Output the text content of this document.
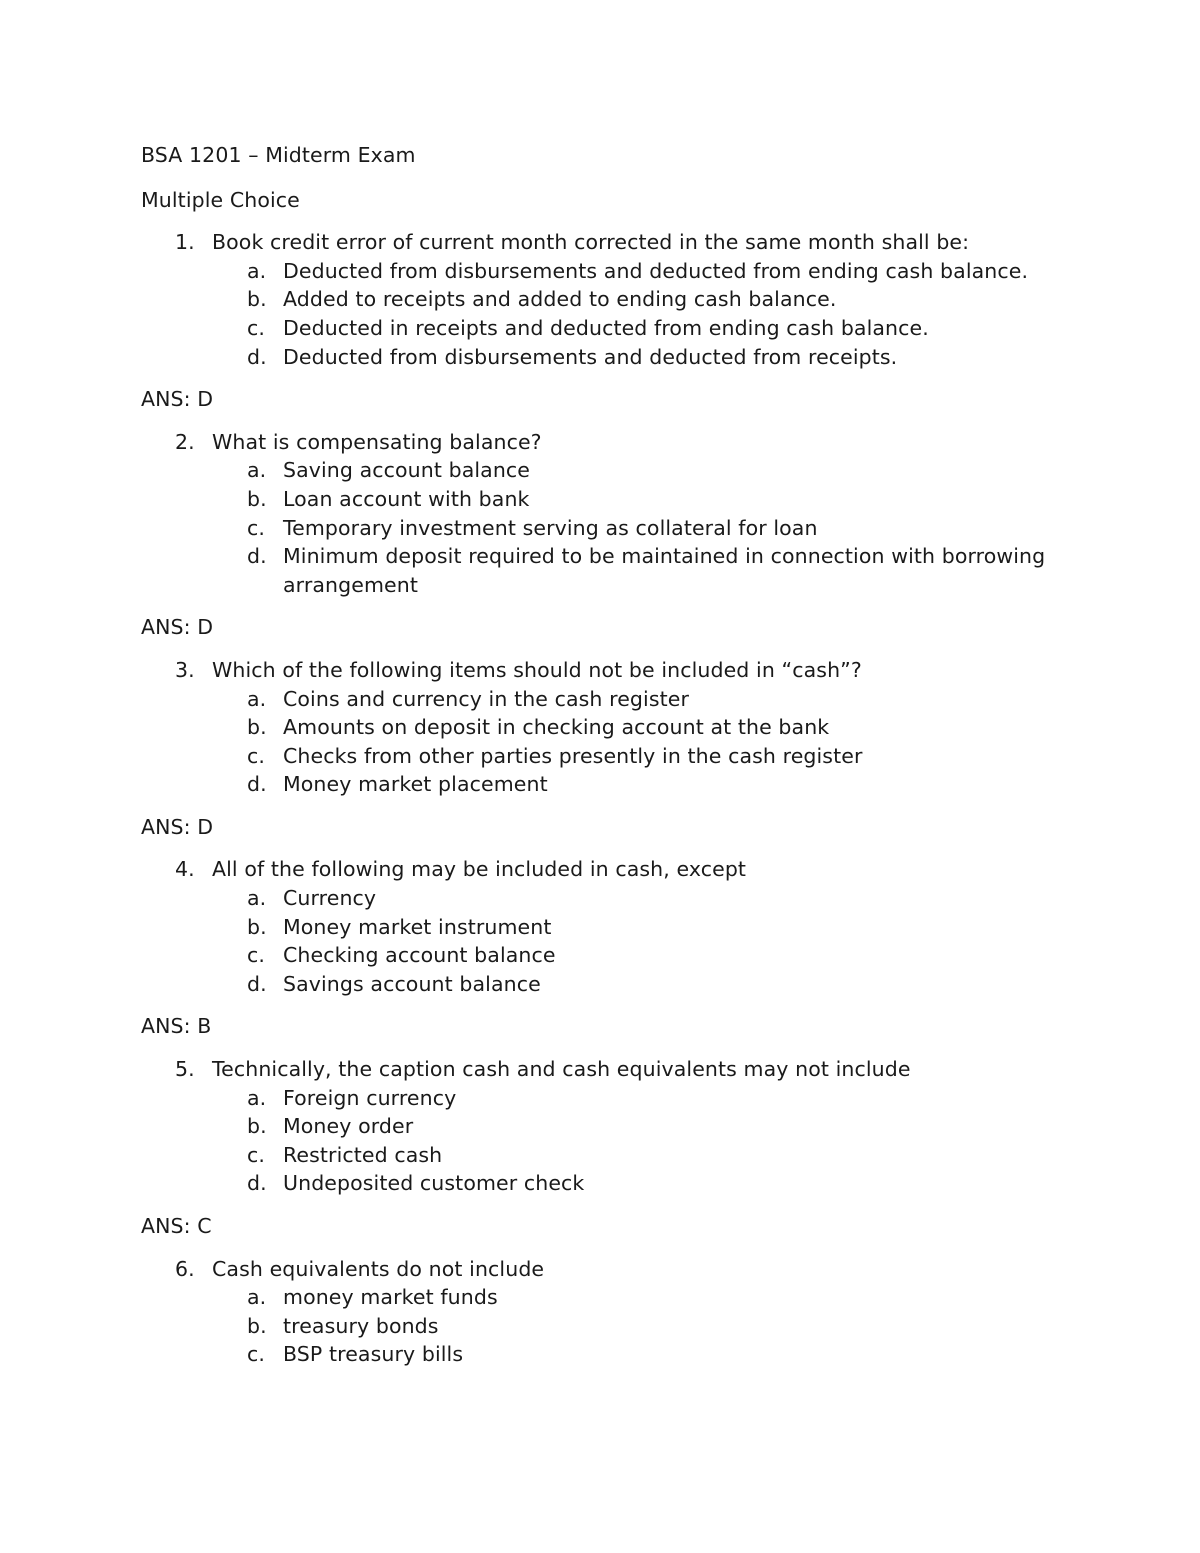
BSA 1201 – Midterm Exam

Multiple Choice

1. Book credit error of current month corrected in the same month shall be:

a. Deducted from disbursements and deducted from ending cash balance.
b. Added to receipts and added to ending cash balance.
c. Deducted in receipts and deducted from ending cash balance.
d. Deducted from disbursements and deducted from receipts.

ANS: D

2. What is compensating balance?

a. Saving account balance
b. Loan account with bank
c. Temporary investment serving as collateral for loan
d. Minimum deposit required to be maintained in connection with borrowing arrangement

ANS: D

3. Which of the following items should not be included in “cash”?

a. Coins and currency in the cash register
b. Amounts on deposit in checking account at the bank
c. Checks from other parties presently in the cash register
d. Money market placement

ANS: D

4. All of the following may be included in cash, except

a. Currency
b. Money market instrument
c. Checking account balance
d. Savings account balance

ANS: B

5. Technically, the caption cash and cash equivalents may not include

a. Foreign currency
b. Money order
c. Restricted cash
d. Undeposited customer check

ANS: C

6. Cash equivalents do not include

a. money market funds
b. treasury bonds
c. BSP treasury bills
